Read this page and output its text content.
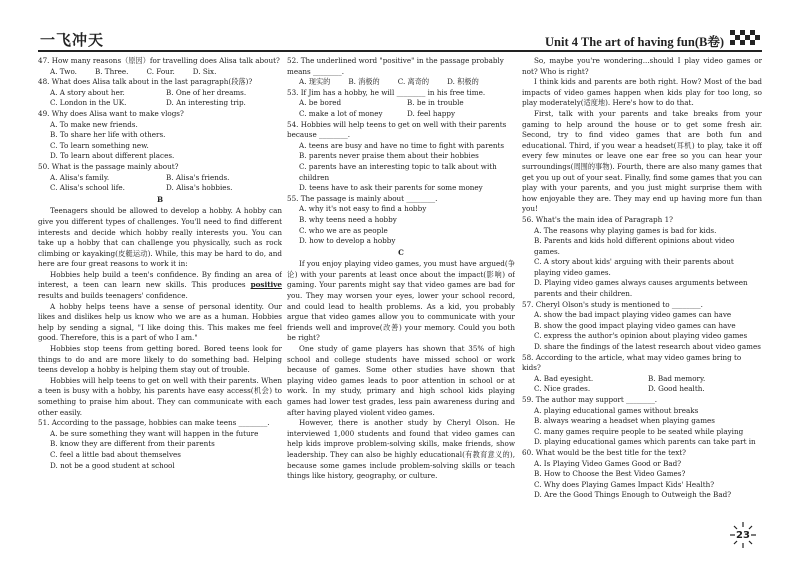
一飞冲天	Unit 4 The art of having fun(B卷)
47. How many reasons（原因）for travelling does Alisa talk about?
A. Two.	B. Three.	C. Four.	D. Six.
48. What does Alisa talk about in the last paragraph(段落)?
A. A story about her.	B. One of her dreams.
C. London in the UK.	D. An interesting trip.
49. Why does Alisa want to make vlogs?
A. To make new friends.
B. To share her life with others.
C. To learn something new.
D. To learn about different places.
50. What is the passage mainly about?
A. Alisa's family.	B. Alisa's friends.
C. Alisa's school life.	D. Alisa's hobbies.
B

Teenagers should be allowed to develop a hobby. A hobby can give you different types of challenges. You'll need to find different interests and decide which hobby really interests you. You can take up a hobby that can challenge you physically, such as rock climbing or kayaking(皮艇运动). While, this may be hard to do, and here are four great reasons to work it in:

Hobbies help build a teen's confidence. By finding an area of interest, a teen can learn new skills. This produces positive results and builds teenagers' confidence.

A hobby helps teens have a sense of personal identity. Our likes and dislikes help us know who we are as a human. Hobbies help by sending a signal, "I like doing this. This makes me feel good. Therefore, this is a part of who I am."

Hobbies stop teens from getting bored. Bored teens look for things to do and are more likely to do something bad. Helping teens develop a hobby is helping them stay out of trouble.

Hobbies will help teens to get on well with their parents. When a teen is busy with a hobby, his parents have easy access(机会) to something to praise him about. They can communicate with each other easily.

51. According to the passage, hobbies can make teens ________.
A. be sure something they want will happen in the future
B. know they are different from their parents
C. feel a little bad about themselves
D. not be a good student at school
52. The underlined word "positive" in the passage probably means ________.
A. 现实的	B. 消极的	C. 离奇的	D. 积极的
53. If Jim has a hobby, he will ________ in his free time.
A. be bored	B. be in trouble
C. make a lot of money	D. feel happy
54. Hobbies will help teens to get on well with their parents because ________.
A. teens are busy and have no time to fight with parents
B. parents never praise them about their hobbies
C. parents have an interesting topic to talk about with children
D. teens have to ask their parents for some money
55. The passage is mainly about ________.
A. why it's not easy to find a hobby
B. why teens need a hobby
C. who we are as people
D. how to develop a hobby
C

If you enjoy playing video games, you must have argued(争论) with your parents at least once about the impact(影响) of gaming. Your parents might say that video games are bad for you. They may worsen your eyes, lower your school record, and could lead to health problems. As a kid, you probably argue that video games allow you to communicate with your friends well and improve(改善) your memory. Could you both be right?

One study of game players has shown that 35% of high school and college students have missed school or work because of games. Some other studies have shown that playing video games leads to poor attention in school or at work. In my study, primary and high school kids playing games had lower test grades, less pain awareness during and after having played violent video games.

However, there is another study by Cheryl Olson. He interviewed 1,000 students and found that video games can help kids improve problem-solving skills, make friends, show leadership. They can also be highly educational(有教育意义的), because some games include problem-solving skills or teach things like history, geography, or culture.

So, maybe you're wondering...should I play video games or not? Who is right?

I think kids and parents are both right. How? Most of the bad impacts of video games happen when kids play for too long, so play moderately(适度地). Here's how to do that.

First, talk with your parents and take breaks from your gaming to help around the house or to get some fresh air. Second, try to find video games that are both fun and educational. Third, if you wear a headset(耳机) to play, take it off every few minutes or leave one ear free so you can hear your surroundings(周围的事物). Fourth, there are also many games that get you up out of your seat. Finally, find some games that you can play with your parents, and you just might surprise them with how enjoyable they are. They may end up having more fun than you!

56. What's the main idea of Paragraph 1?
A. The reasons why playing games is bad for kids.
B. Parents and kids hold different opinions about video games.
C. A story about kids' arguing with their parents about playing video games.
D. Playing video games always causes arguments between parents and their children.
57. Cheryl Olson's study is mentioned to ________.
A. show the bad impact playing video games can have
B. show the good impact playing video games can have
C. express the author's opinion about playing video games
D. share the findings of the latest research about video games
58. According to the article, what may video games bring to kids?
A. Bad eyesight.	B. Bad memory.
C. Nice grades.	D. Good health.
59. The author may support ________.
A. playing educational games without breaks
B. always wearing a headset when playing games
C. many games require people to be seated while playing
D. playing educational games which parents can take part in
60. What would be the best title for the text?
A. Is Playing Video Games Good or Bad?
B. How to Choose the Best Video Games?
C. Why does Playing Games Impact Kids' Health?
D. Are the Good Things Enough to Outweigh the Bad?
23
